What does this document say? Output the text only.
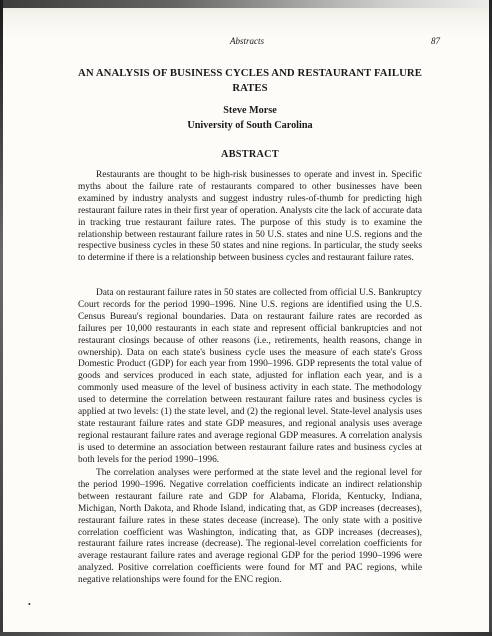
Abstracts	87
AN ANALYSIS OF BUSINESS CYCLES AND RESTAURANT FAILURE RATES
Steve Morse
University of South Carolina
ABSTRACT

Restaurants are thought to be high-risk businesses to operate and invest in. Specific myths about the failure rate of restaurants compared to other businesses have been examined by industry analysts and suggest industry rules-of-thumb for predicting high restaurant failure rates in their first year of operation. Analysts cite the lack of accurate data in tracking true restaurant failure rates. The purpose of this study is to examine the relationship between restaurant failure rates in 50 U.S. states and nine U.S. regions and the respective business cycles in these 50 states and nine regions. In particular, the study seeks to determine if there is a relationship between business cycles and restaurant failure rates.

Data on restaurant failure rates in 50 states are collected from official U.S. Bankruptcy Court records for the period 1990–1996. Nine U.S. regions are identified using the U.S. Census Bureau's regional boundaries. Data on restaurant failure rates are recorded as failures per 10,000 restaurants in each state and represent official bankruptcies and not restaurant closings because of other reasons (i.e., retirements, health reasons, change in ownership). Data on each state's business cycle uses the measure of each state's Gross Domestic Product (GDP) for each year from 1990–1996. GDP represents the total value of goods and services produced in each state, adjusted for inflation each year, and is a commonly used measure of the level of business activity in each state. The methodology used to determine the correlation between restaurant failure rates and business cycles is applied at two levels: (1) the state level, and (2) the regional level. State-level analysis uses state restaurant failure rates and state GDP measures, and regional analysis uses average regional restaurant failure rates and average regional GDP measures. A correlation analysis is used to determine an association between restaurant failure rates and business cycles at both levels for the period 1990–1996.

The correlation analyses were performed at the state level and the regional level for the period 1990–1996. Negative correlation coefficients indicate an indirect relationship between restaurant failure rate and GDP for Alabama, Florida, Kentucky, Indiana, Michigan, North Dakota, and Rhode Island, indicating that, as GDP increases (decreases), restaurant failure rates in these states decease (increase). The only state with a positive correlation coefficient was Washington, indicating that, as GDP increases (decreases), restaurant failure rates increase (decrease). The regional-level correlation coefficients for average restaurant failure rates and average regional GDP for the period 1990–1996 were analyzed. Positive correlation coefficients were found for MT and PAC regions, while negative relationships were found for the ENC region.

•
